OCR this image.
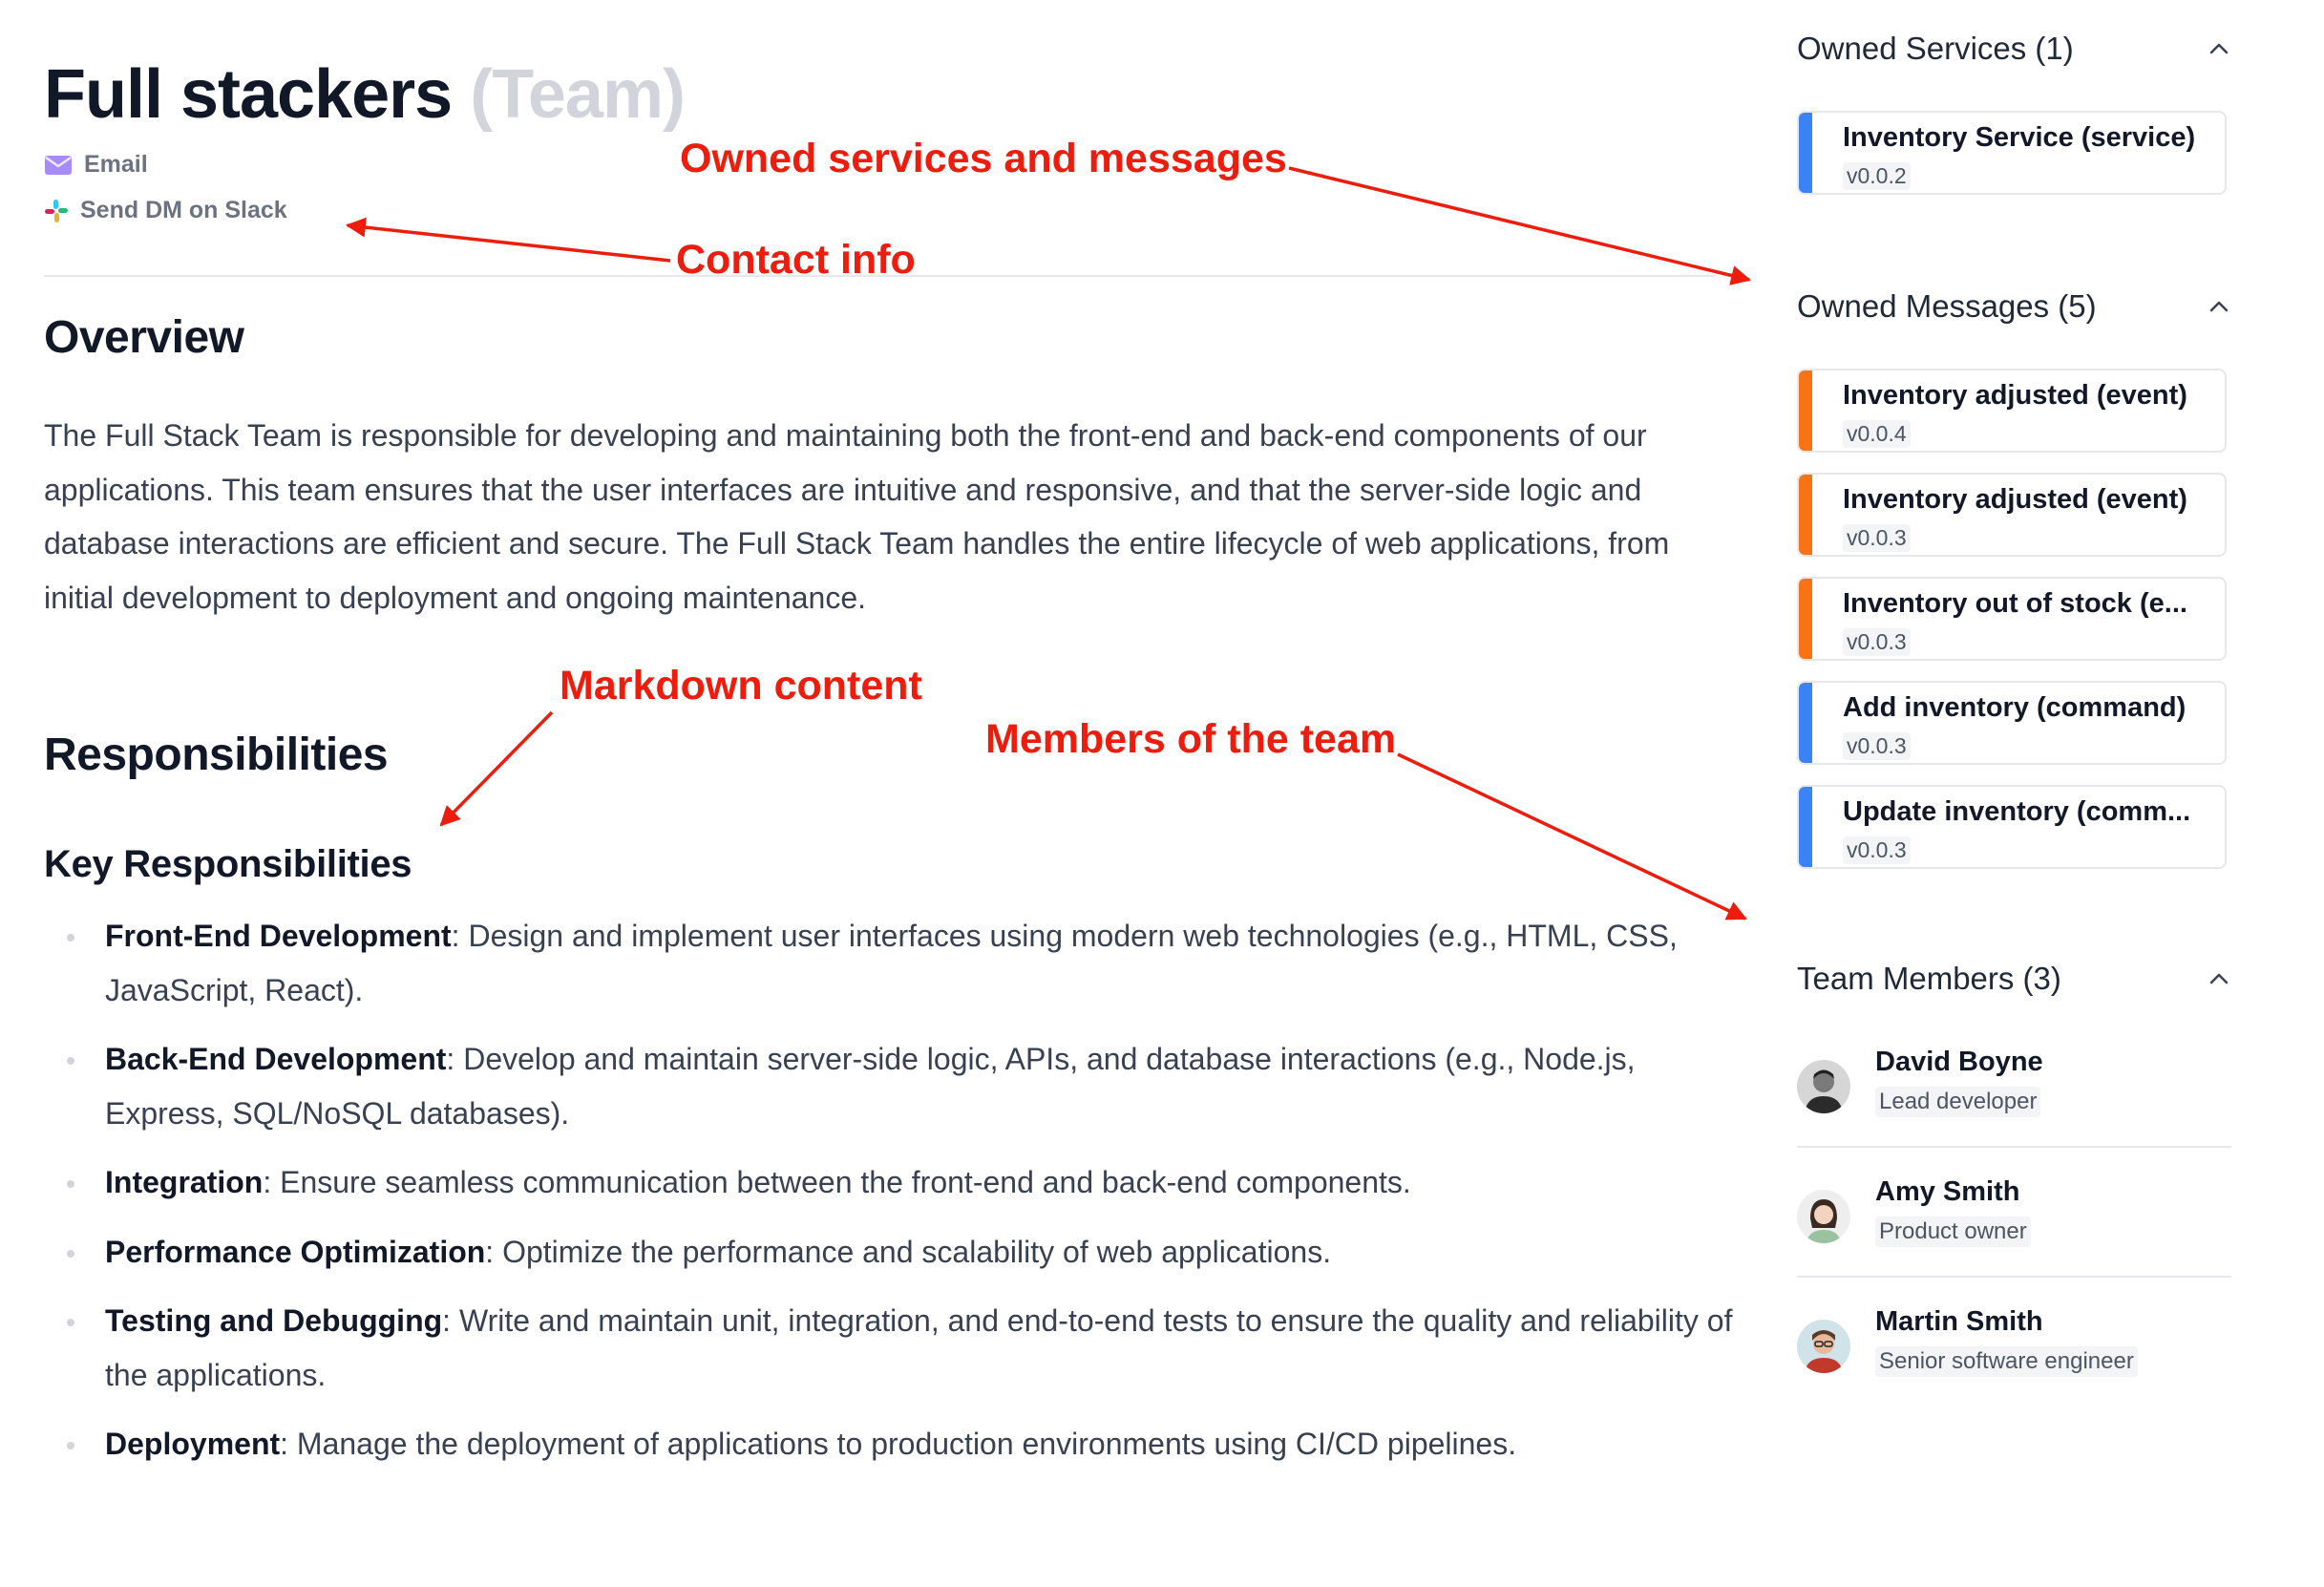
Full stackers (Team)
Email
Send DM on Slack
Overview

The Full Stack Team is responsible for developing and maintaining both the front-end and back-end components of our applications. This team ensures that the user interfaces are intuitive and responsive, and that the server-side logic and database interactions are efficient and secure. The Full Stack Team handles the entire lifecycle of web applications, from initial development to deployment and ongoing maintenance.

Responsibilities
Key Responsibilities
Front-End Development: Design and implement user interfaces using modern web technologies (e.g., HTML, CSS, JavaScript, React).
Back-End Development: Develop and maintain server-side logic, APIs, and database interactions (e.g., Node.js, Express, SQL/NoSQL databases).
Integration: Ensure seamless communication between the front-end and back-end components.
Performance Optimization: Optimize the performance and scalability of web applications.
Testing and Debugging: Write and maintain unit, integration, and end-to-end tests to ensure the quality and reliability of the applications.
Deployment: Manage the deployment of applications to production environments using CI/CD pipelines.
Owned Services (1)
Inventory Service (service)
v0.0.2
Owned Messages (5)
Inventory adjusted (event)
v0.0.4
Inventory adjusted (event)
v0.0.3
Inventory out of stock (e...
v0.0.3
Add inventory (command)
v0.0.3
Update inventory (comm...
v0.0.3
Team Members (3)
David Boyne
Lead developer
Amy Smith
Product owner
Martin Smith
Senior software engineer
Owned services and messages
Contact info
Markdown content
Members of the team
